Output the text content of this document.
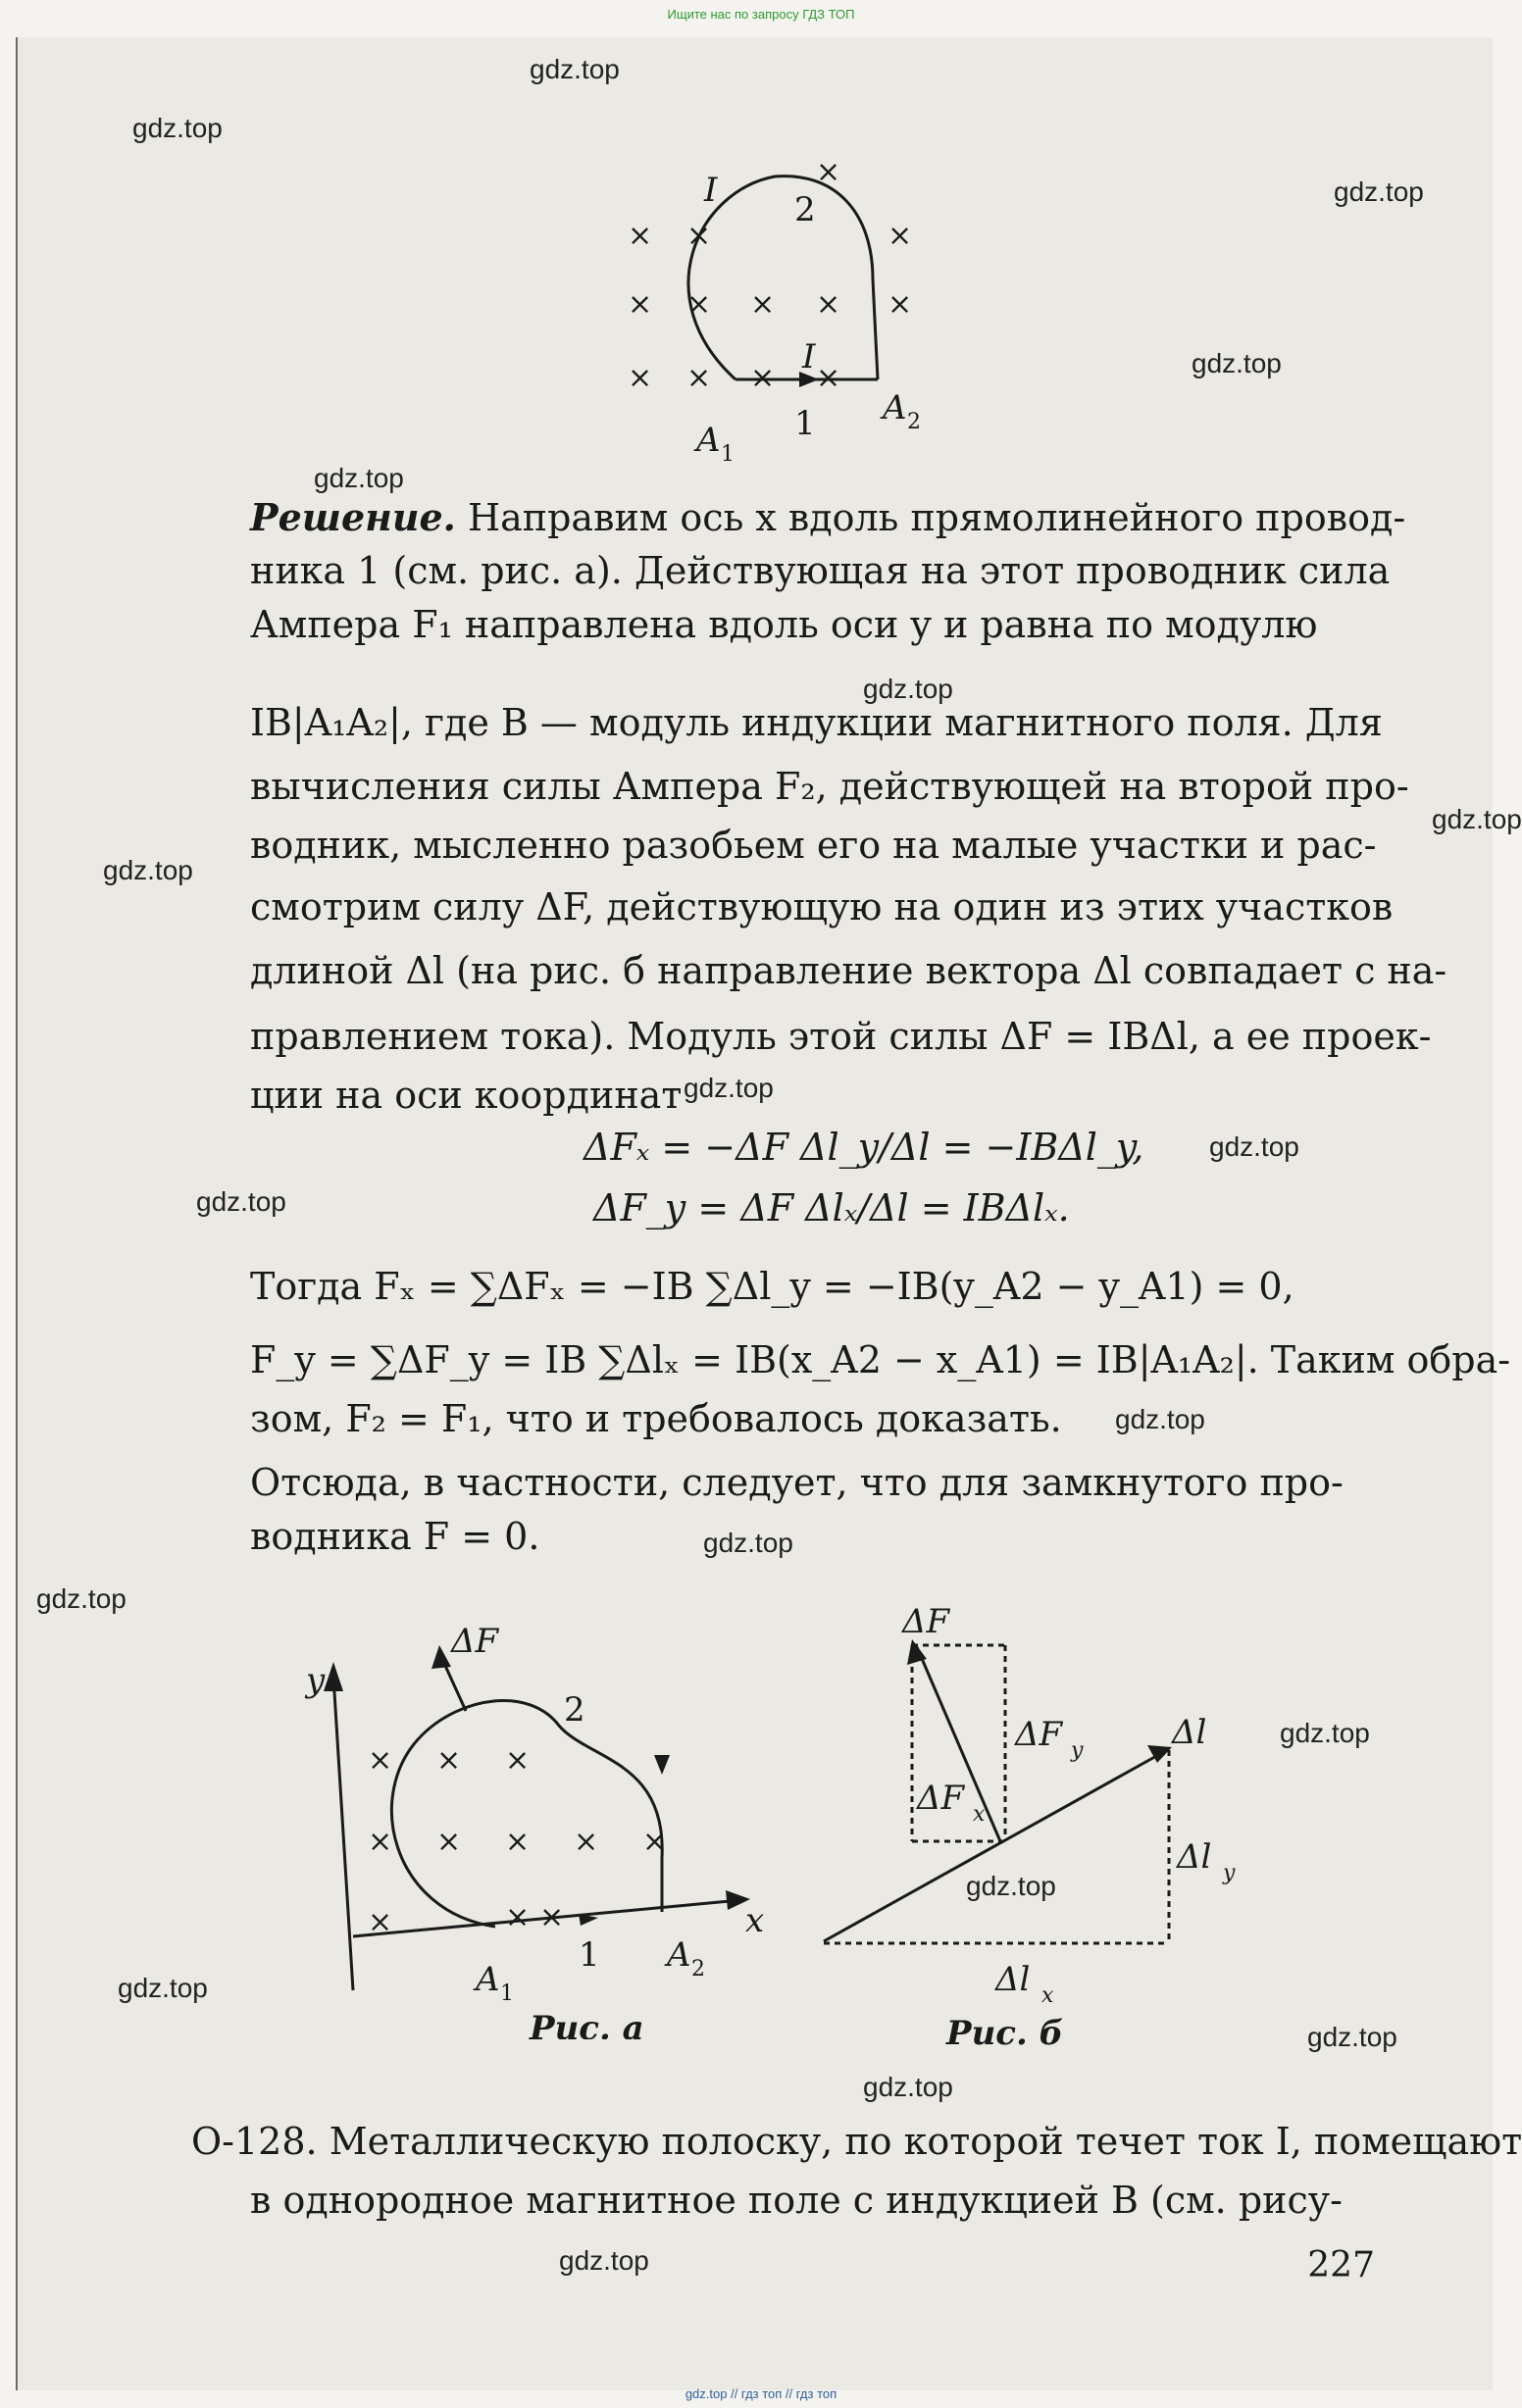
Ищите нас по запросу ГДЗ ТОП
gdz.top
gdz.top
gdz.top
gdz.top
gdz.top
gdz.top
gdz.top
gdz.top
gdz.top
gdz.top
gdz.top
gdz.top
gdz.top
gdz.top
gdz.top
gdz.top
gdz.top
gdz.top
gdz.top
gdz.top
×
× ×	×
× × × × ×
× × × ×
2
I
I
1
A 1
A 2
Решение. Направим ось x вдоль прямолинейного провод-
ника 1 (см. рис. а). Действующая на этот проводник сила
Ампера F₁ направлена вдоль оси y и равна по модулю
IB|A₁A₂|, где B — модуль индукции магнитного поля. Для
вычисления силы Ампера F₂, действующей на второй про-
водник, мысленно разобьем его на малые участки и рас-
смотрим силу ΔF, действующую на один из этих участков
длиной Δl (на рис. б направление вектора Δl совпадает с на-
правлением тока). Модуль этой силы ΔF = IBΔl, а ее проек-
ции на оси координат
ΔFₓ = −ΔF Δl_y/Δl = −IBΔl_y,
ΔF_y = ΔF Δlₓ/Δl = IBΔlₓ.
Тогда Fₓ = ∑ΔFₓ = −IB ∑Δl_y = −IB(y_A2 − y_A1) = 0,
F_y = ∑ΔF_y = IB ∑Δlₓ = IB(x_A2 − x_A1) = IB|A₁A₂|. Таким обра-
зом, F₂ = F₁, что и требовалось доказать.
Отсюда, в частности, следует, что для замкнутого про-
водника F = 0.
×
×
×
×
×
×
×
×
× ×
×
y
x
ΔF
2
1
A 1
A 2
Рис. а
ΔF
ΔF y
ΔF x
Δl
Δl y
Δl x
Рис. б
О-128. Металлическую полоску, по которой течет ток I, помещают
в однородное магнитное поле с индукцией B (см. рису-
227
gdz.top // гдз топ // гдз топ
